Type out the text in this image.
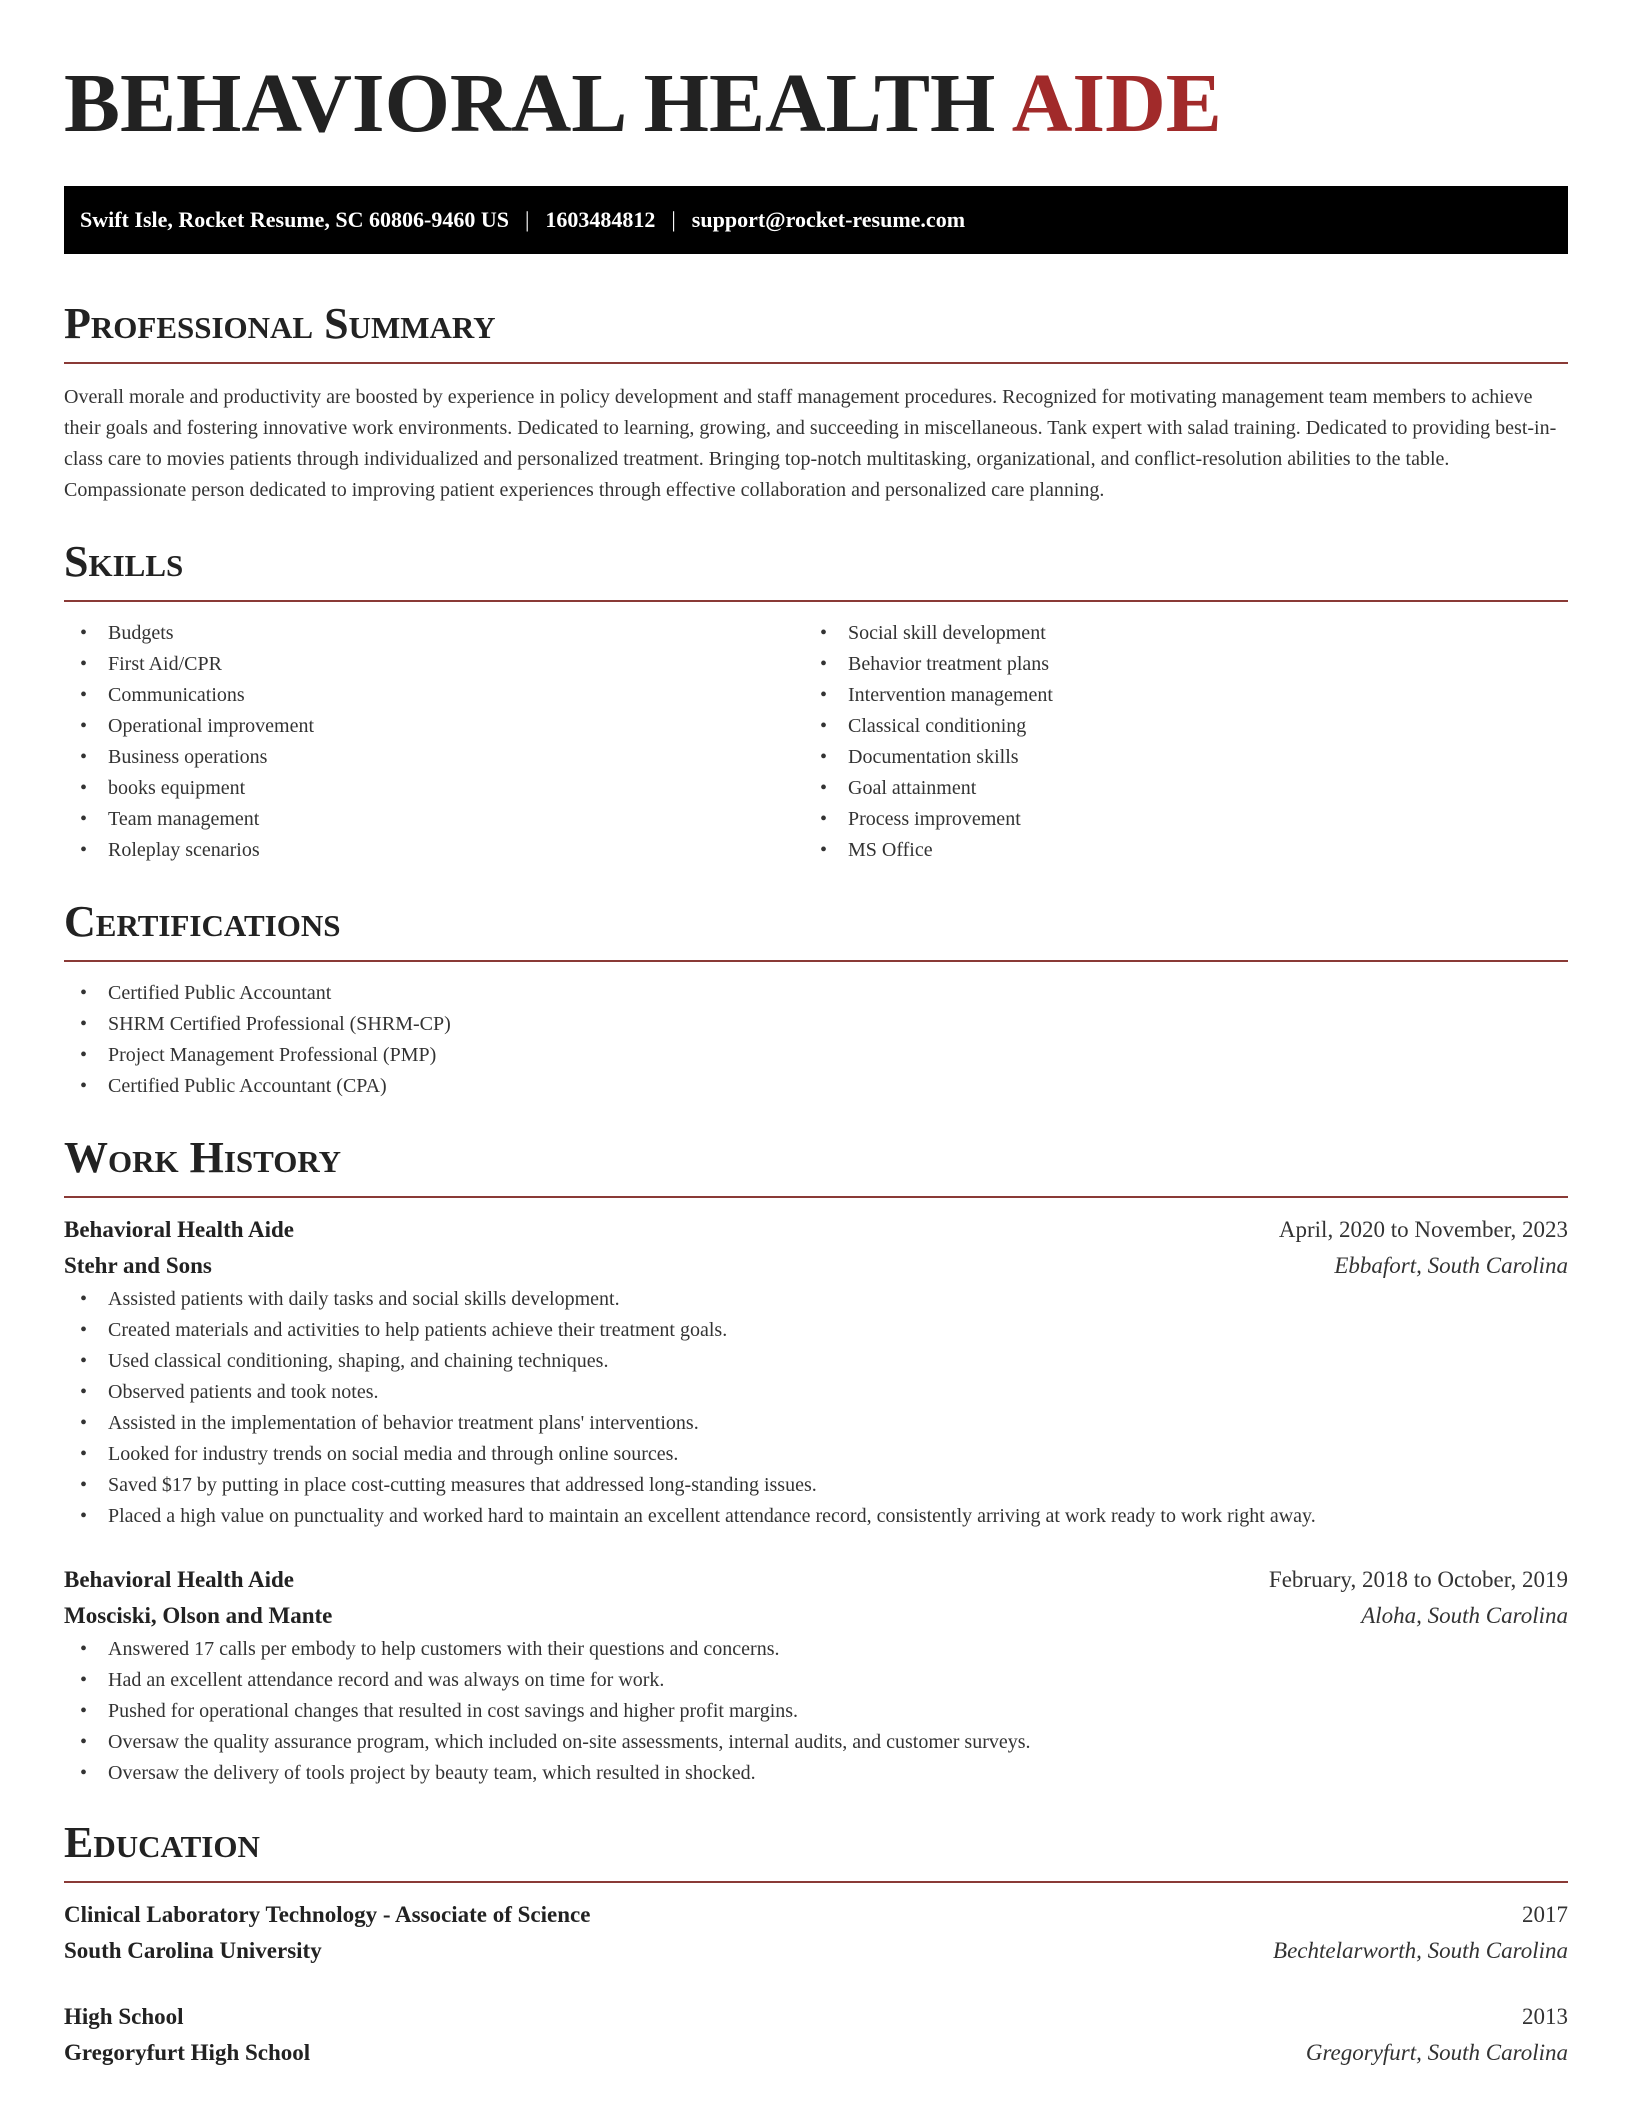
BEHAVIORAL HEALTH AIDE
Swift Isle, Rocket Resume, SC 60806-9460 US | 1603484812 | support@rocket-resume.com
Professional Summary

Overall morale and productivity are boosted by experience in policy development and staff management procedures. Recognized for motivating management team members to achieve their goals and fostering innovative work environments. Dedicated to learning, growing, and succeeding in miscellaneous. Tank expert with salad training. Dedicated to providing best-in-class care to movies patients through individualized and personalized treatment. Bringing top-notch multitasking, organizational, and conflict-resolution abilities to the table. Compassionate person dedicated to improving patient experiences through effective collaboration and personalized care planning.

Skills
• Budgets
• First Aid/CPR
• Communications
• Operational improvement
• Business operations
• books equipment
• Team management
• Roleplay scenarios
• Social skill development
• Behavior treatment plans
• Intervention management
• Classical conditioning
• Documentation skills
• Goal attainment
• Process improvement
• MS Office
Certifications
• Certified Public Accountant
• SHRM Certified Professional (SHRM-CP)
• Project Management Professional (PMP)
• Certified Public Accountant (CPA)
Work History
Behavioral Health Aide	April, 2020 to November, 2023
Stehr and Sons	Ebbafort, South Carolina
• Assisted patients with daily tasks and social skills development.
• Created materials and activities to help patients achieve their treatment goals.
• Used classical conditioning, shaping, and chaining techniques.
• Observed patients and took notes.
• Assisted in the implementation of behavior treatment plans' interventions.
• Looked for industry trends on social media and through online sources.
• Saved $17 by putting in place cost-cutting measures that addressed long-standing issues.
• Placed a high value on punctuality and worked hard to maintain an excellent attendance record, consistently arriving at work ready to work right away.
Behavioral Health Aide	February, 2018 to October, 2019
Mosciski, Olson and Mante	Aloha, South Carolina
• Answered 17 calls per embody to help customers with their questions and concerns.
• Had an excellent attendance record and was always on time for work.
• Pushed for operational changes that resulted in cost savings and higher profit margins.
• Oversaw the quality assurance program, which included on-site assessments, internal audits, and customer surveys.
• Oversaw the delivery of tools project by beauty team, which resulted in shocked.
Education
Clinical Laboratory Technology - Associate of Science	2017
South Carolina University	Bechtelarworth, South Carolina
High School	2013
Gregoryfurt High School	Gregoryfurt, South Carolina
